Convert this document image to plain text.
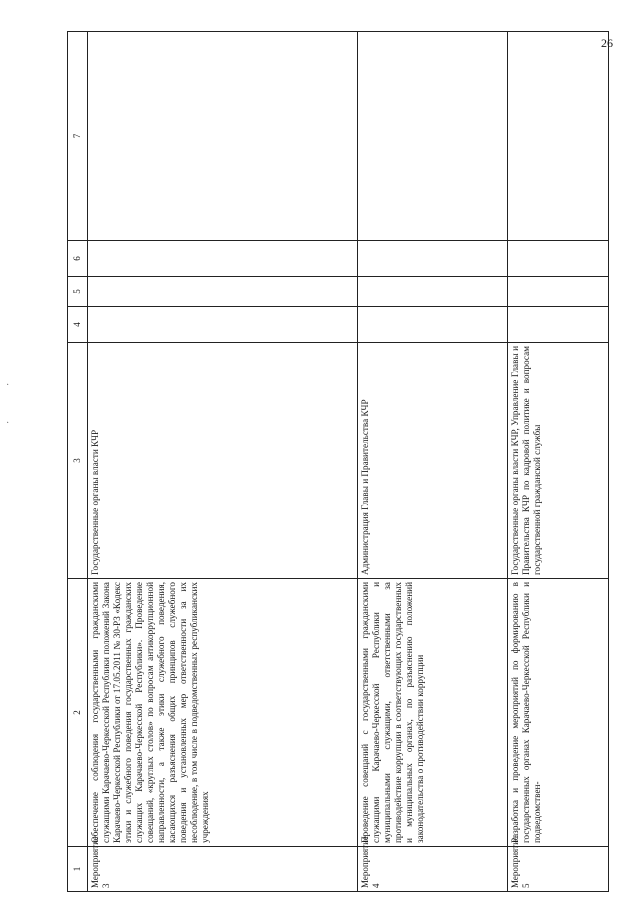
26
·
·
1	2	3	4	5	6	7
Мероприятие 3	Обеспечение соблюдения государственными гражданскими служащими Карачаево-Черкесской Республики положений Закона Карачаево-Черкесской Республики от 17.05.2011 № 30-РЗ «Кодекс этики и служебного поведения государственных гражданских служащих Карачаево-Черкесской Республики». Проведение совещаний, «круглых столов» по вопросам антикоррупционной направленности, а также этики служебного поведения, касающихся разъяснения общих принципов служебного поведения и установленных мер ответственности за их несоблюдение, в том числе в подведомственных республиканских учреждениях	Государственные органы власти КЧР				
Мероприятие 4	Проведение совещаний с государственными гражданскими служащими Карачаево-Черкесской Республики и муниципальными служащими, ответственными за противодействие коррупции в соответствующих государственных и муниципальных органах, по разъяснению положений законодательства о противодействии коррупции	Администрация Главы и Правительства КЧР				
Мероприятие 5	Разработка и проведение мероприятий по формированию в государственных органах Карачаево-Черкесской Республики и подведомствен-	Государственные органы власти КЧР, Управление Главы и Правительства КЧР по кадровой политике и вопросам государственной гражданской службы				
